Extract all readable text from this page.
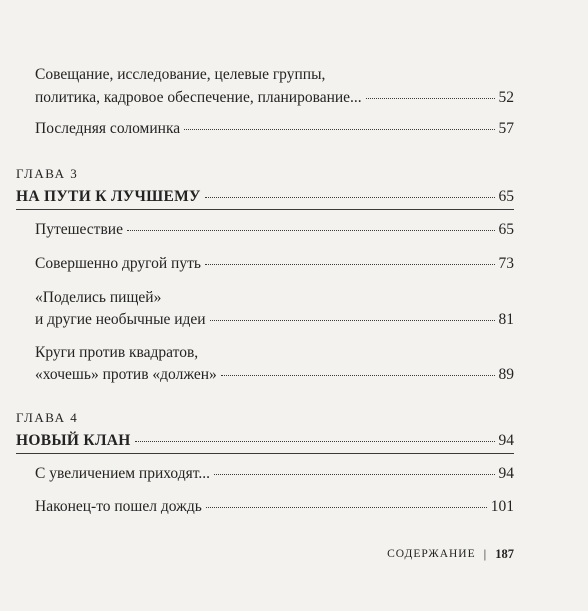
Совещание, исследование, целевые группы,
политика, кадровое обеспечение, планирование...	52
Последняя соломинка	57
ГЛАВА 3
НА ПУТИ К ЛУЧШЕМУ	65
Путешествие	65
Совершенно другой путь	73
«Поделись пищей»
и другие необычные идеи	81
Круги против квадратов,
«хочешь» против «должен»	89
ГЛАВА 4
НОВЫЙ КЛАН	94
С увеличением приходят...	94
Наконец-то пошел дождь	101
СОДЕРЖАНИЕ | 187
